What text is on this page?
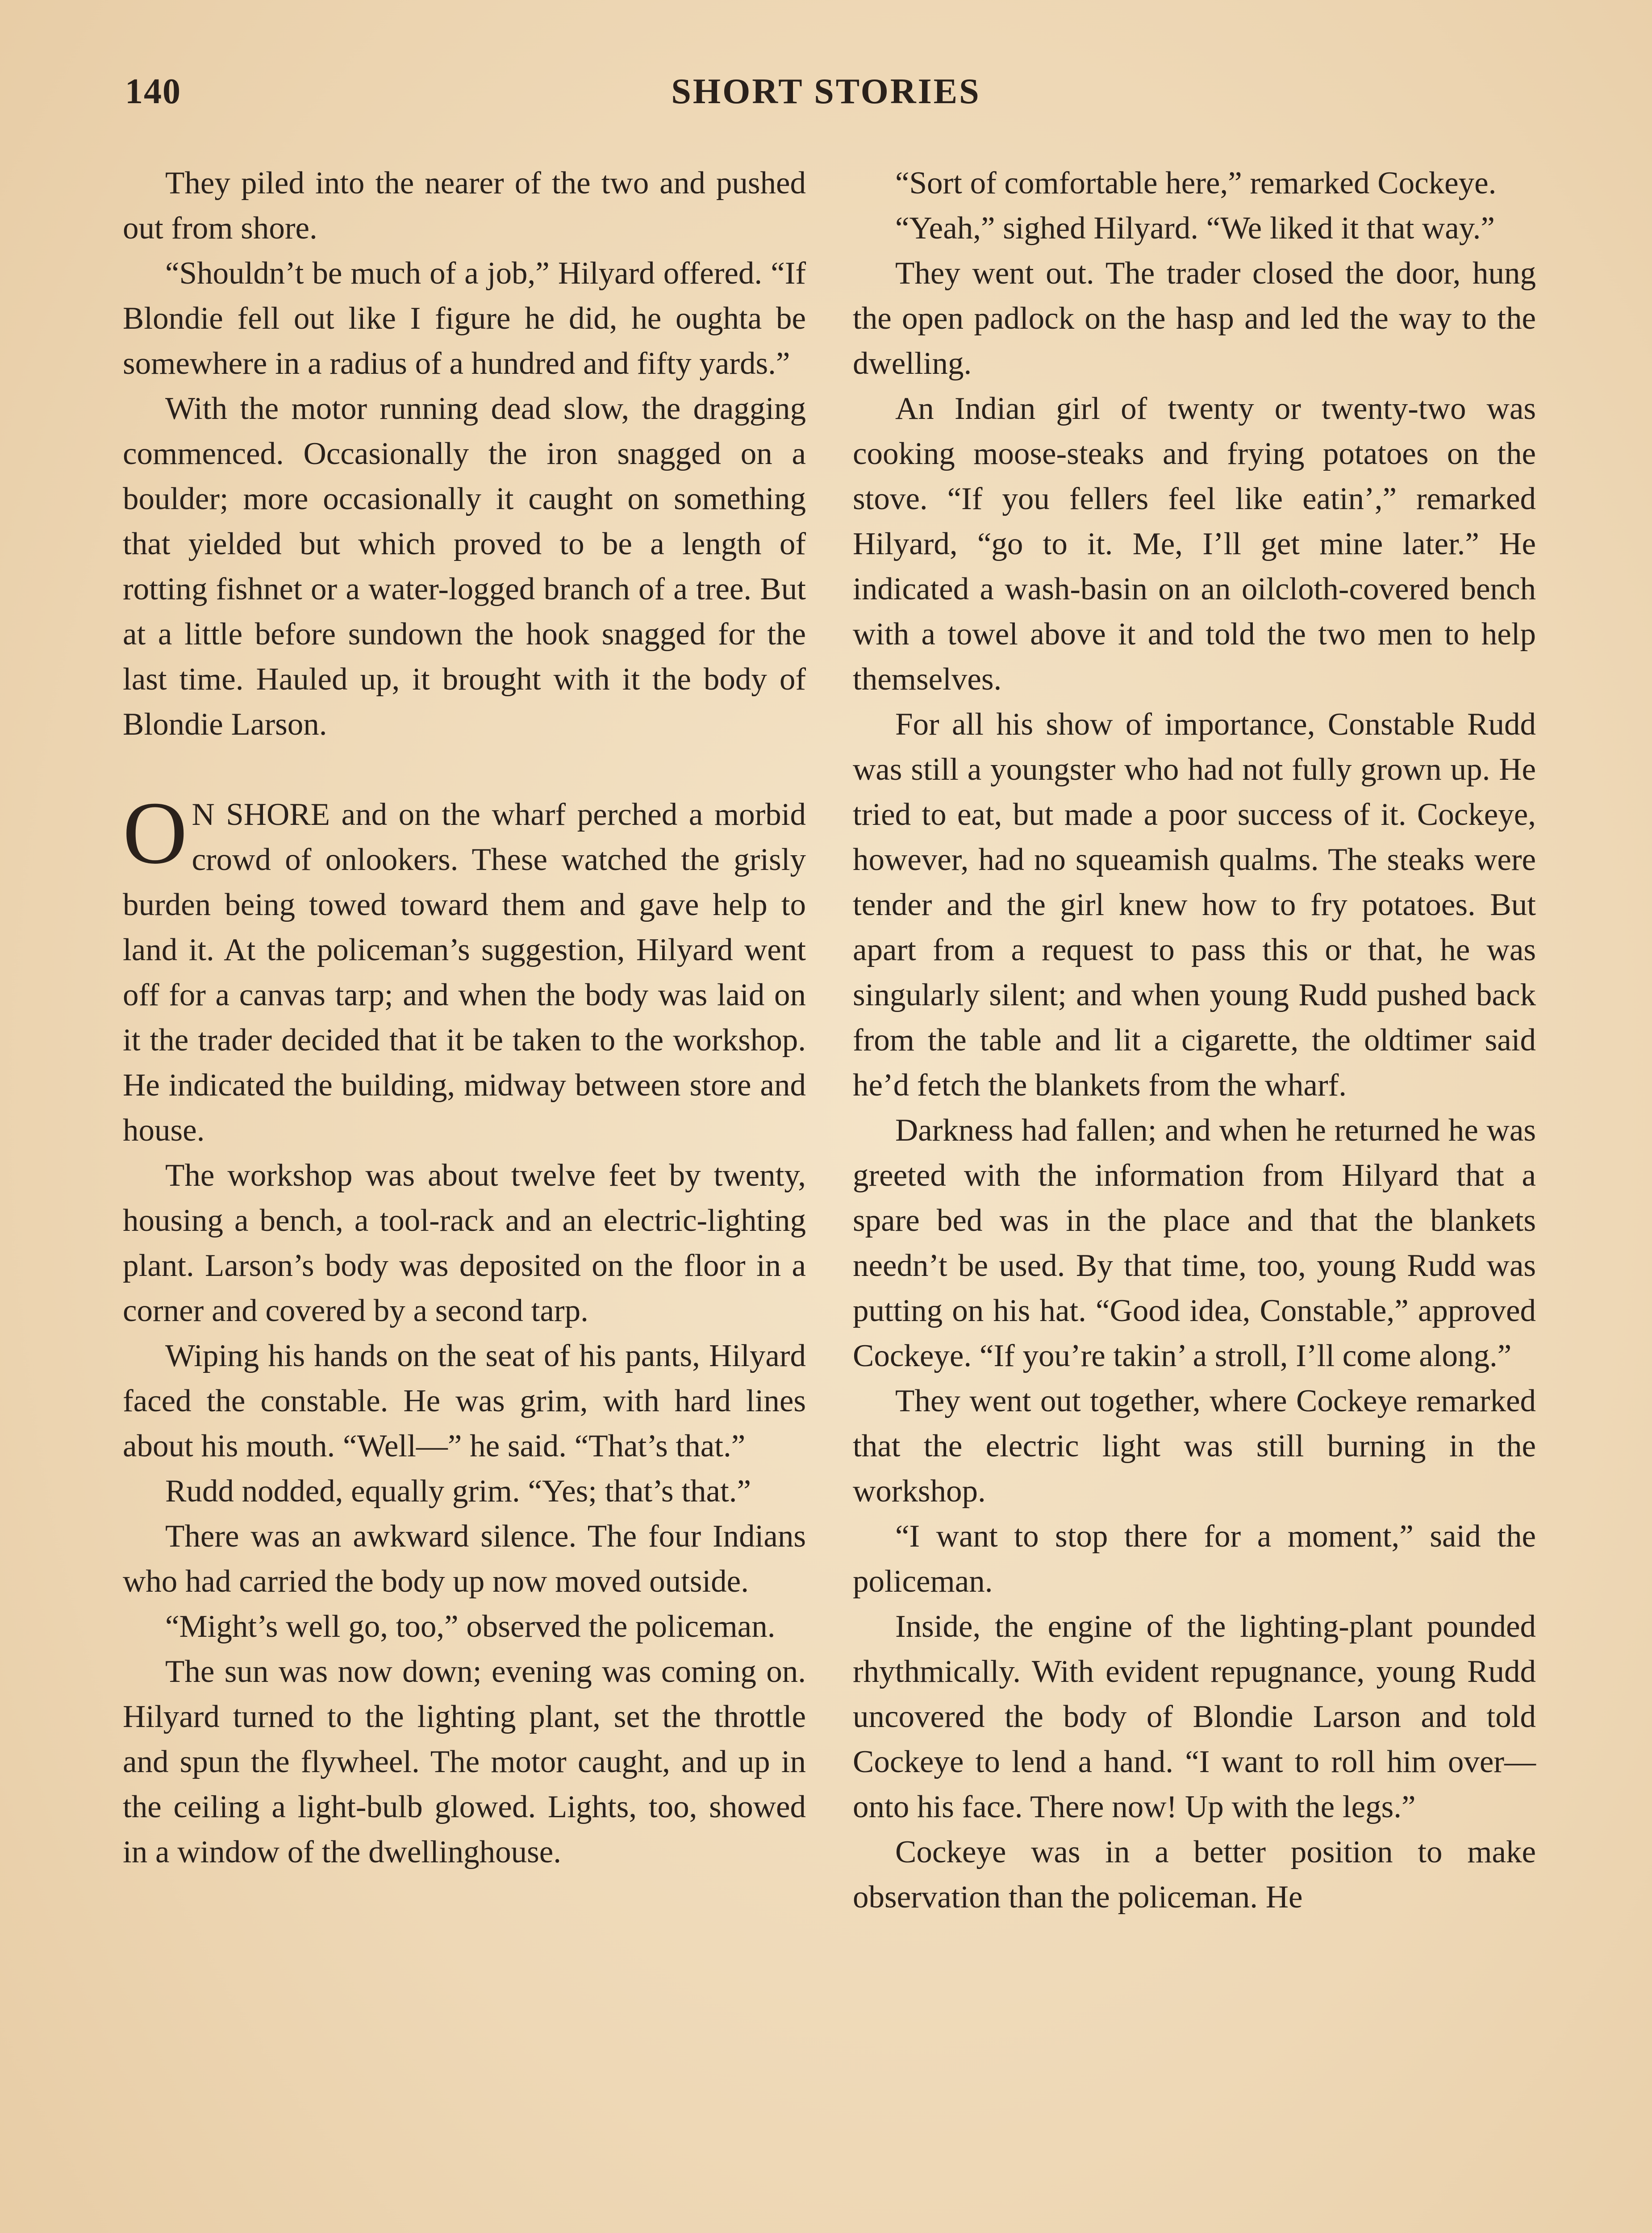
140	SHORT STORIES

They piled into the nearer of the two and pushed out from shore.

“Shouldn’t be much of a job,” Hilyard offered. “If Blondie fell out like I figure he did, he oughta be somewhere in a radius of a hundred and fifty yards.”

With the motor running dead slow, the dragging commenced. Occasionally the iron snagged on a boulder; more occasionally it caught on something that yielded but which proved to be a length of rotting fishnet or a water-logged branch of a tree. But at a little before sundown the hook snagged for the last time. Hauled up, it brought with it the body of Blondie Larson.

O N SHORE and on the wharf perched a morbid crowd of onlookers. These watched the grisly burden being towed toward them and gave help to land it. At the policeman’s suggestion, Hilyard went off for a canvas tarp; and when the body was laid on it the trader decided that it be taken to the workshop. He indicated the building, midway between store and house.

The workshop was about twelve feet by twenty, housing a bench, a tool-rack and an electric-lighting plant. Larson’s body was deposited on the floor in a corner and covered by a second tarp.

Wiping his hands on the seat of his pants, Hilyard faced the constable. He was grim, with hard lines about his mouth. “Well—” he said. “That’s that.”

Rudd nodded, equally grim. “Yes; that’s that.”

There was an awkward silence. The four Indians who had carried the body up now moved outside.

“Might’s well go, too,” observed the policeman.

The sun was now down; evening was coming on. Hilyard turned to the lighting plant, set the throttle and spun the flywheel. The motor caught, and up in the ceiling a light-bulb glowed. Lights, too, showed in a window of the dwellinghouse.

“Sort of comfortable here,” remarked Cockeye.

“Yeah,” sighed Hilyard. “We liked it that way.”

They went out. The trader closed the door, hung the open padlock on the hasp and led the way to the dwelling.

An Indian girl of twenty or twenty-two was cooking moose-steaks and frying potatoes on the stove. “If you fellers feel like eatin’,” remarked Hilyard, “go to it. Me, I’ll get mine later.” He indicated a wash-basin on an oilcloth-covered bench with a towel above it and told the two men to help themselves.

For all his show of importance, Constable Rudd was still a youngster who had not fully grown up. He tried to eat, but made a poor success of it. Cockeye, however, had no squeamish qualms. The steaks were tender and the girl knew how to fry potatoes. But apart from a request to pass this or that, he was singularly silent; and when young Rudd pushed back from the table and lit a cigarette, the oldtimer said he’d fetch the blankets from the wharf.

Darkness had fallen; and when he returned he was greeted with the information from Hilyard that a spare bed was in the place and that the blankets needn’t be used. By that time, too, young Rudd was putting on his hat. “Good idea, Constable,” approved Cockeye. “If you’re takin’ a stroll, I’ll come along.”

They went out together, where Cockeye remarked that the electric light was still burning in the workshop.

“I want to stop there for a moment,” said the policeman.

Inside, the engine of the lighting-plant pounded rhythmically. With evident repugnance, young Rudd uncovered the body of Blondie Larson and told Cockeye to lend a hand. “I want to roll him over— onto his face. There now! Up with the legs.”

Cockeye was in a better position to make observation than the policeman. He
